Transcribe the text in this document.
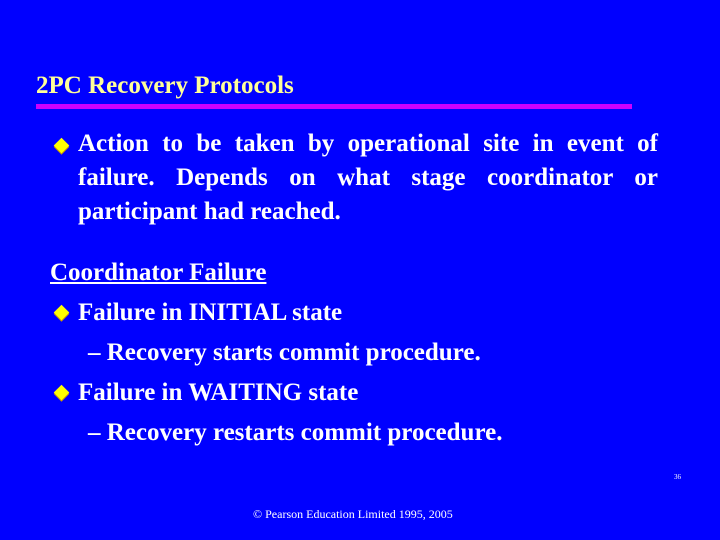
2PC Recovery Protocols
Action to be taken by operational site in event of failure. Depends on what stage coordinator or participant had reached.
Coordinator Failure
Failure in INITIAL state
– Recovery starts commit procedure.
Failure in WAITING state
– Recovery restarts commit procedure.
© Pearson Education Limited 1995, 2005
36
